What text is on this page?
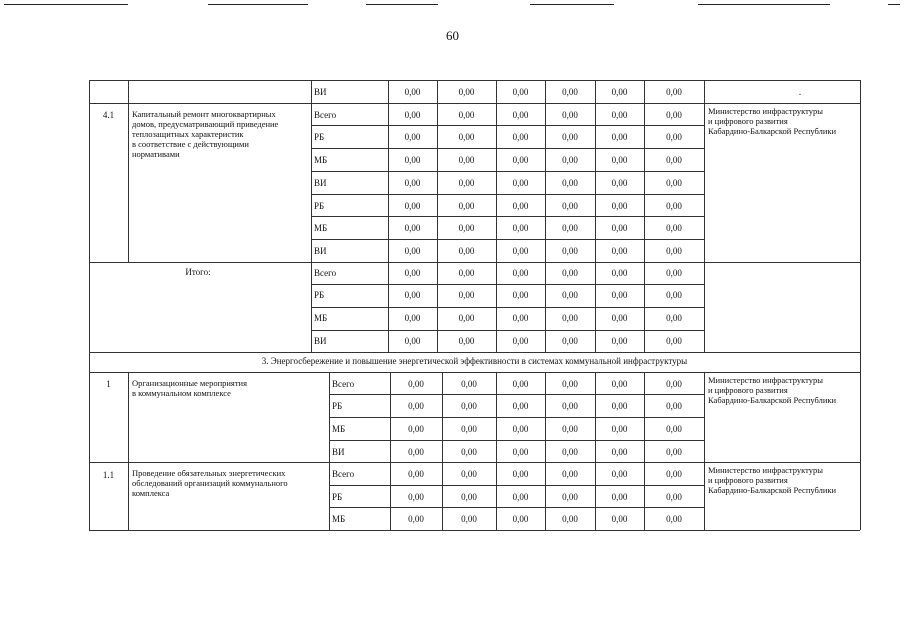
60
.
ВИ	0,00	0,00	0,00	0,00	0,00	0,00	.
4.1	Капитальный ремонт многоквартирных
домов, предусматривающий приведение
теплозащитных характеристик
в соответствие с действующими
нормативами
Министерство инфраструктуры
и цифрового развития
Кабардино-Балкарской Республики
Всего	0,00	0,00	0,00	0,00	0,00	0,00
РБ	0,00	0,00	0,00	0,00	0,00	0,00
МБ	0,00	0,00	0,00	0,00	0,00	0,00
ВИ	0,00	0,00	0,00	0,00	0,00	0,00
РБ	0,00	0,00	0,00	0,00	0,00	0,00
МБ	0,00	0,00	0,00	0,00	0,00	0,00
ВИ	0,00	0,00	0,00	0,00	0,00	0,00
Итого:	Всего	0,00	0,00	0,00	0,00	0,00	0,00
РБ	0,00	0,00	0,00	0,00	0,00	0,00
МБ	0,00	0,00	0,00	0,00	0,00	0,00
ВИ	0,00	0,00	0,00	0,00	0,00	0,00
3. Энергосбережение и повышение энергетической эффективности в системах коммунальной инфраструктуры
1	Организационные мероприятия
в коммунальном комплексе
Министерство инфраструктуры
и цифрового развития
Кабардино-Балкарской Республики
Всего	0,00	0,00	0,00	0,00	0,00	0,00
РБ	0,00	0,00	0,00	0,00	0,00	0,00
МБ	0,00	0,00	0,00	0,00	0,00	0,00
ВИ	0,00	0,00	0,00	0,00	0,00	0,00
1.1	Проведение обязательных энергетических
обследований организаций коммунального
комплекса
Министерство инфраструктуры
и цифрового развития
Кабардино-Балкарской Республики
Всего	0,00	0,00	0,00	0,00	0,00	0,00
РБ	0,00	0,00	0,00	0,00	0,00	0,00
МБ	0,00	0,00	0,00	0,00	0,00	0,00
